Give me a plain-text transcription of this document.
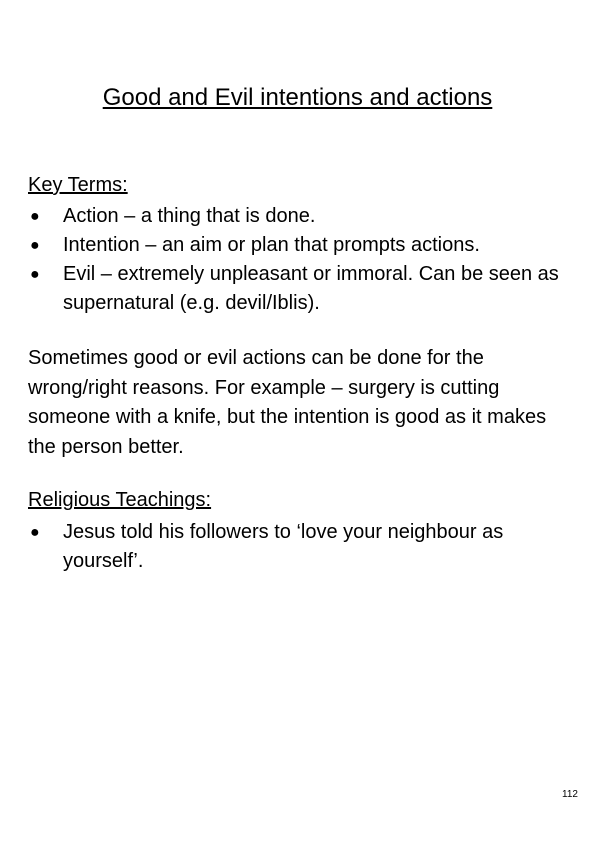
Good and Evil intentions and actions
Key Terms:
● Action – a thing that is done.
● Intention – an aim or plan that prompts actions.
● Evil – extremely unpleasant or immoral. Can be seen as supernatural (e.g. devil/Iblis).

Sometimes good or evil actions can be done for the wrong/right reasons. For example – surgery is cutting someone with a knife, but the intention is good as it makes the person better.

Religious Teachings:
● Jesus told his followers to ‘love your neighbour as yourself’.
112
